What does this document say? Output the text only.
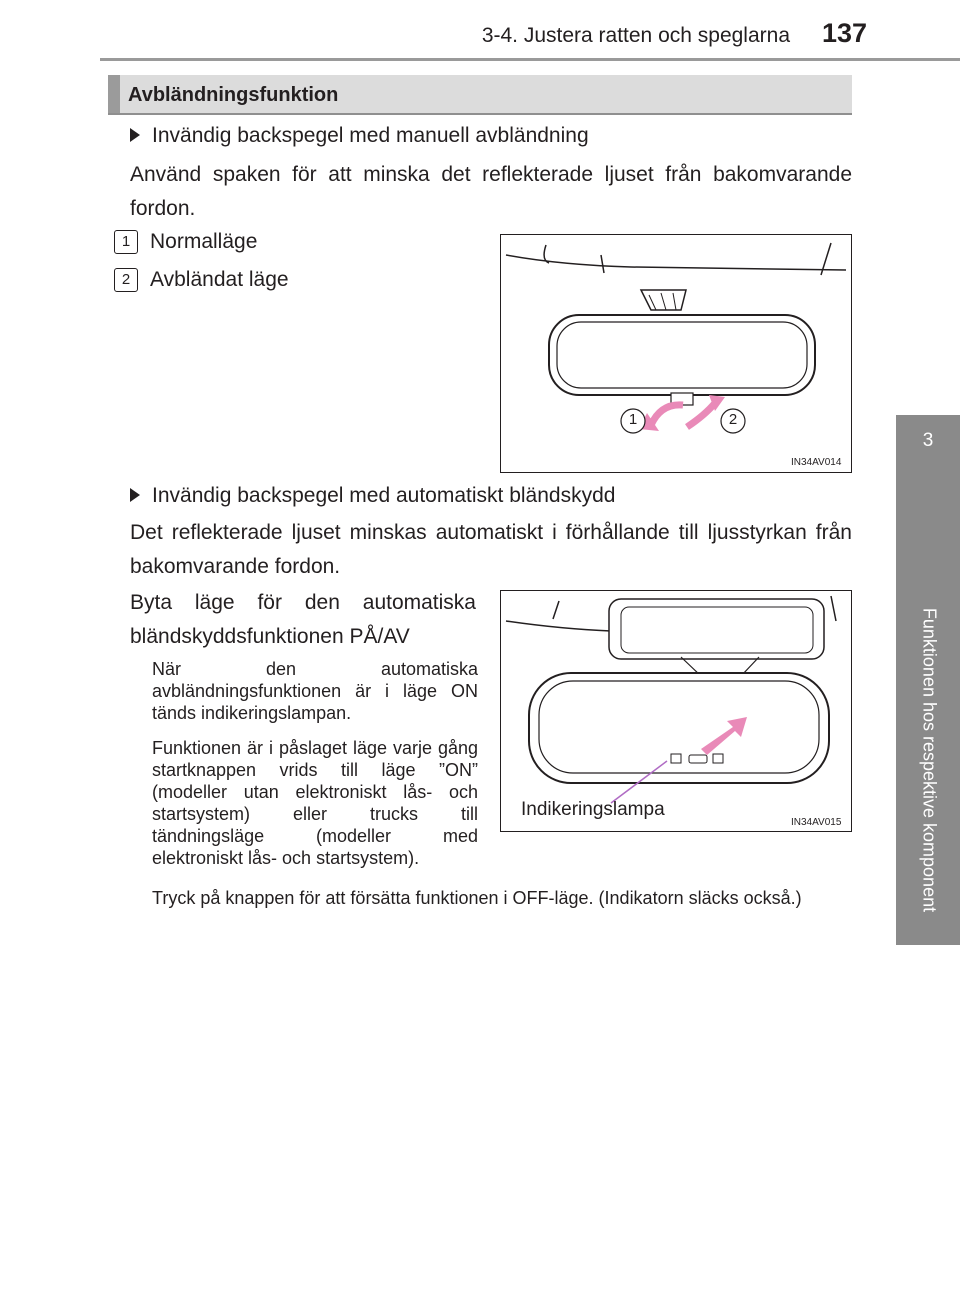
3-4. Justera ratten och speglarna 137
3
Funktionen hos respektive komponent
Avbländningsfunktion
Invändig backspegel med manuell avbländning
Använd spaken för att minska det reflekterade ljuset från bakomvarande fordon.
1 Normalläge
2 Avbländat läge
1	2
IN34AV014
Invändig backspegel med automatiskt bländskydd
Det reflekterade ljuset minskas automatiskt i förhållande till ljusstyrkan från bakomvarande fordon.
Byta läge för den automatiska bländskyddsfunktionen PÅ/AV
När den automatiska avbländningsfunktionen är i läge ON tänds indikeringslampan.
Funktionen är i påslaget läge varje gång startknappen vrids till läge ”ON” (modeller utan elektroniskt lås- och startsystem) eller trucks till tändningsläge (modeller med elektroniskt lås- och startsystem).
Tryck på knappen för att försätta funktionen i OFF-läge. (Indikatorn släcks också.)
Indikeringslampa
IN34AV015
